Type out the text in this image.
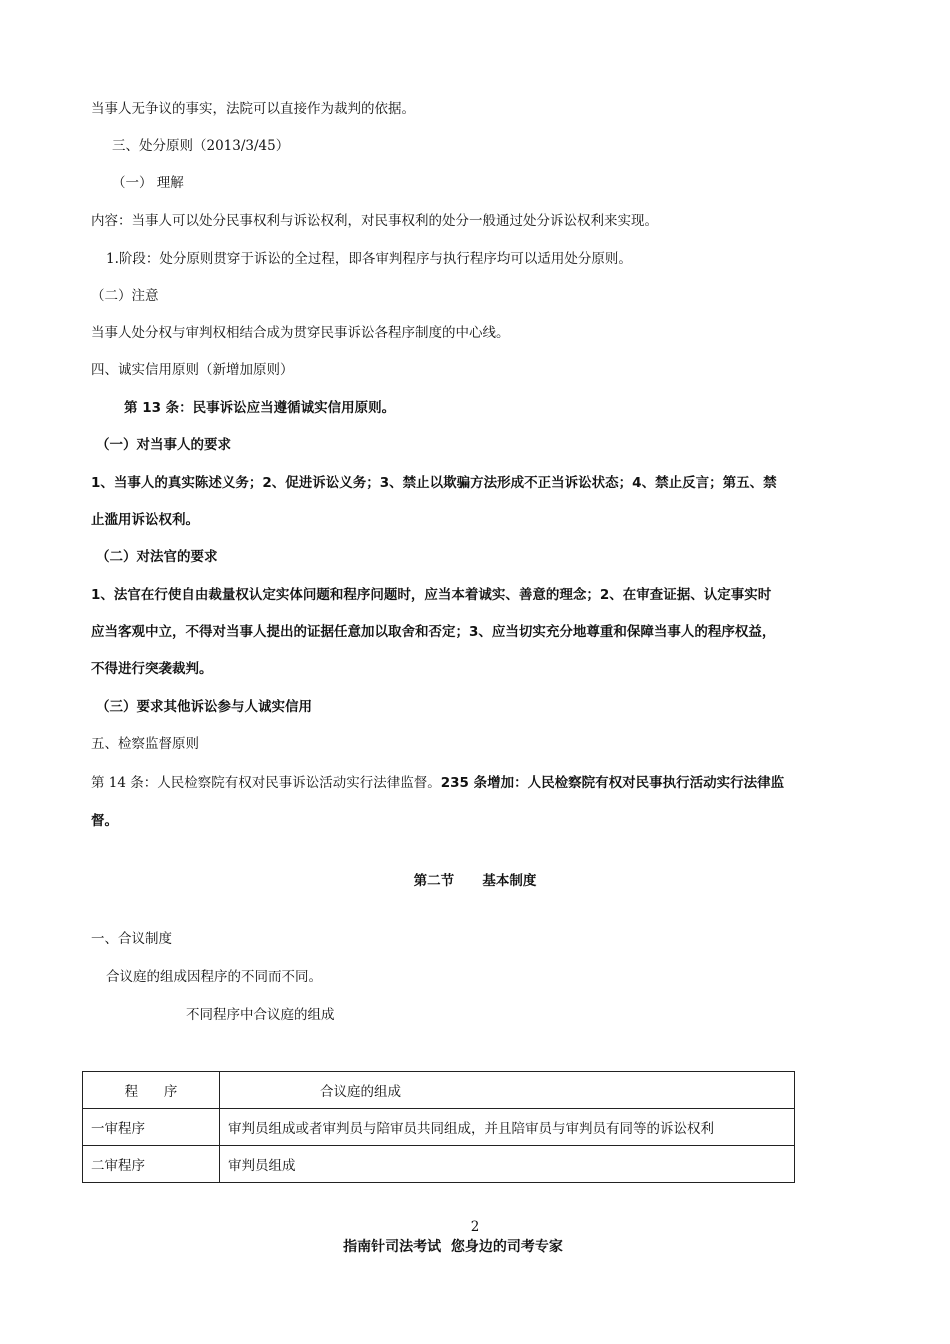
当事人无争议的事实，法院可以直接作为裁判的依据。
三、处分原则（2013/3/45）
（一） 理解
内容：当事人可以处分民事权利与诉讼权利，对民事权利的处分一般通过处分诉讼权利来实现。
1.阶段：处分原则贯穿于诉讼的全过程，即各审判程序与执行程序均可以适用处分原则。
（二）注意
当事人处分权与审判权相结合成为贯穿民事诉讼各程序制度的中心线。
四、诚实信用原则（新增加原则）
第 13 条：民事诉讼应当遵循诚实信用原则。
（一）对当事人的要求
1、当事人的真实陈述义务；2、促进诉讼义务；3、禁止以欺骗方法形成不正当诉讼状态；4、禁止反言；第五、禁
止滥用诉讼权利。
（二）对法官的要求
1、法官在行使自由裁量权认定实体问题和程序问题时，应当本着诚实、善意的理念；2、在审查证据、认定事实时
应当客观中立，不得对当事人提出的证据任意加以取舍和否定；3、应当切实充分地尊重和保障当事人的程序权益，
不得进行突袭裁判。
（三）要求其他诉讼参与人诚实信用
五、检察监督原则
第 14 条：人民检察院有权对民事诉讼活动实行法律监督。235 条增加：人民检察院有权对民事执行活动实行法律监
督。
第二节      基本制度
一、合议制度
合议庭的组成因程序的不同而不同。
不同程序中合议庭的组成
程      序	合议庭的组成
一审程序	审判员组成或者审判员与陪审员共同组成，并且陪审员与审判员有同等的诉讼权利
二审程序	审判员组成
2
指南针司法考试  您身边的司考专家
